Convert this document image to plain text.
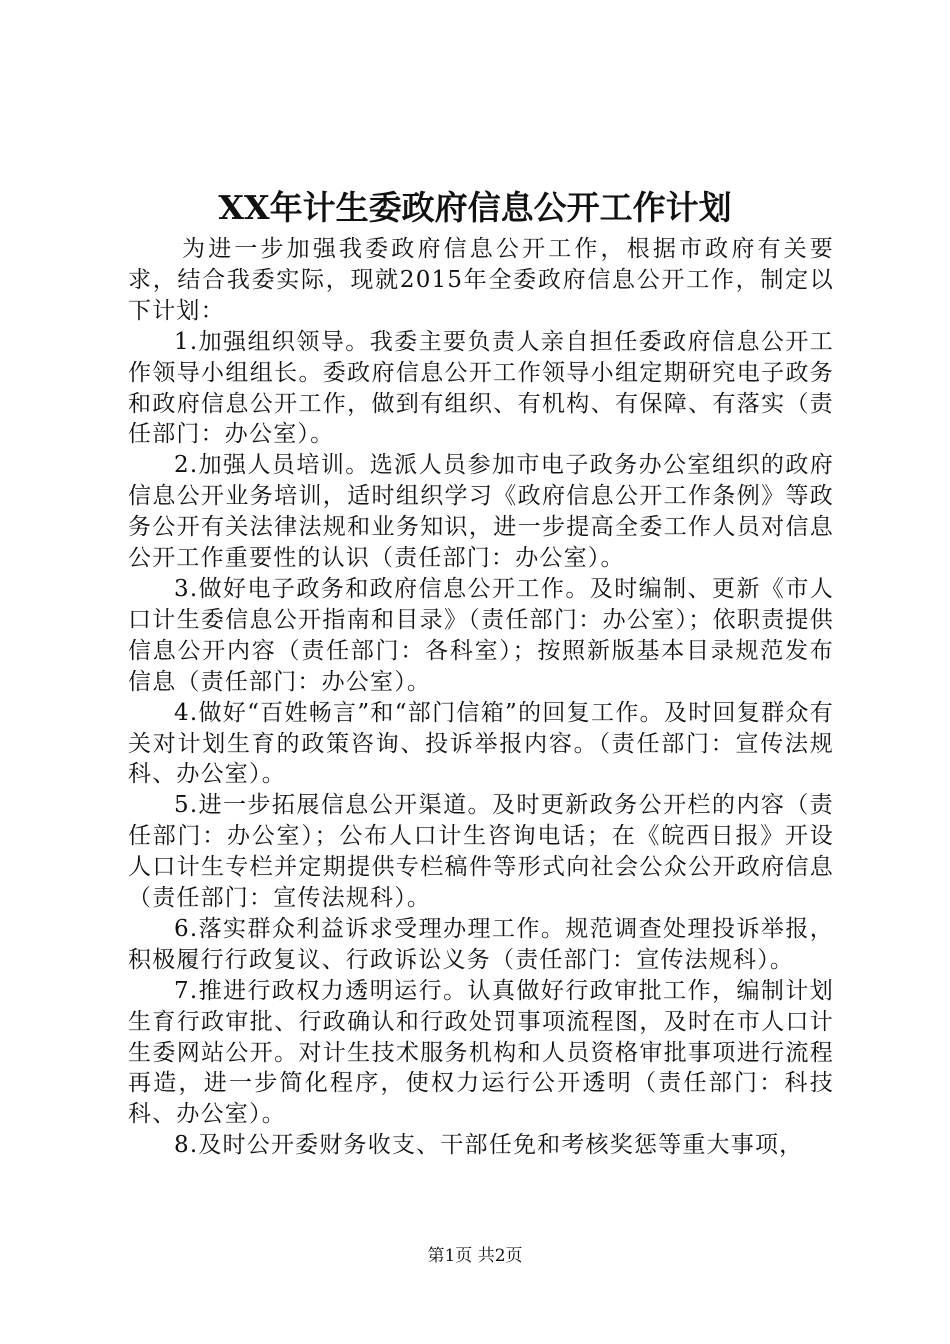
XX年计生委政府信息公开工作计划

为进一步加强我委政府信息公开工作，根据市政府有关要求，结合我委实际，现就2015年全委政府信息公开工作，制定以下计划：

1.加强组织领导。我委主要负责人亲自担任委政府信息公开工作领导小组组长。委政府信息公开工作领导小组定期研究电子政务和政府信息公开工作，做到有组织、有机构、有保障、有落实（责任部门：办公室）。

2.加强人员培训。选派人员参加市电子政务办公室组织的政府信息公开业务培训，适时组织学习《政府信息公开工作条例》等政务公开有关法律法规和业务知识，进一步提高全委工作人员对信息公开工作重要性的认识（责任部门：办公室）。

3.做好电子政务和政府信息公开工作。及时编制、更新《市人口计生委信息公开指南和目录》（责任部门：办公室）；依职责提供信息公开内容（责任部门：各科室）；按照新版基本目录规范发布信息（责任部门：办公室）。

4.做好“百姓畅言”和“部门信箱”的回复工作。及时回复群众有关对计划生育的政策咨询、投诉举报内容。（责任部门：宣传法规科、办公室）。

5.进一步拓展信息公开渠道。及时更新政务公开栏的内容（责任部门：办公室）；公布人口计生咨询电话；在《皖西日报》开设人口计生专栏并定期提供专栏稿件等形式向社会公众公开政府信息（责任部门：宣传法规科）。

6.落实群众利益诉求受理办理工作。规范调查处理投诉举报，积极履行行政复议、行政诉讼义务（责任部门：宣传法规科）。

7.推进行政权力透明运行。认真做好行政审批工作，编制计划生育行政审批、行政确认和行政处罚事项流程图，及时在市人口计生委网站公开。对计生技术服务机构和人员资格审批事项进行流程再造，进一步简化程序，使权力运行公开透明（责任部门：科技科、办公室）。

8.及时公开委财务收支、干部任免和考核奖惩等重大事项，

第1页 共2页
